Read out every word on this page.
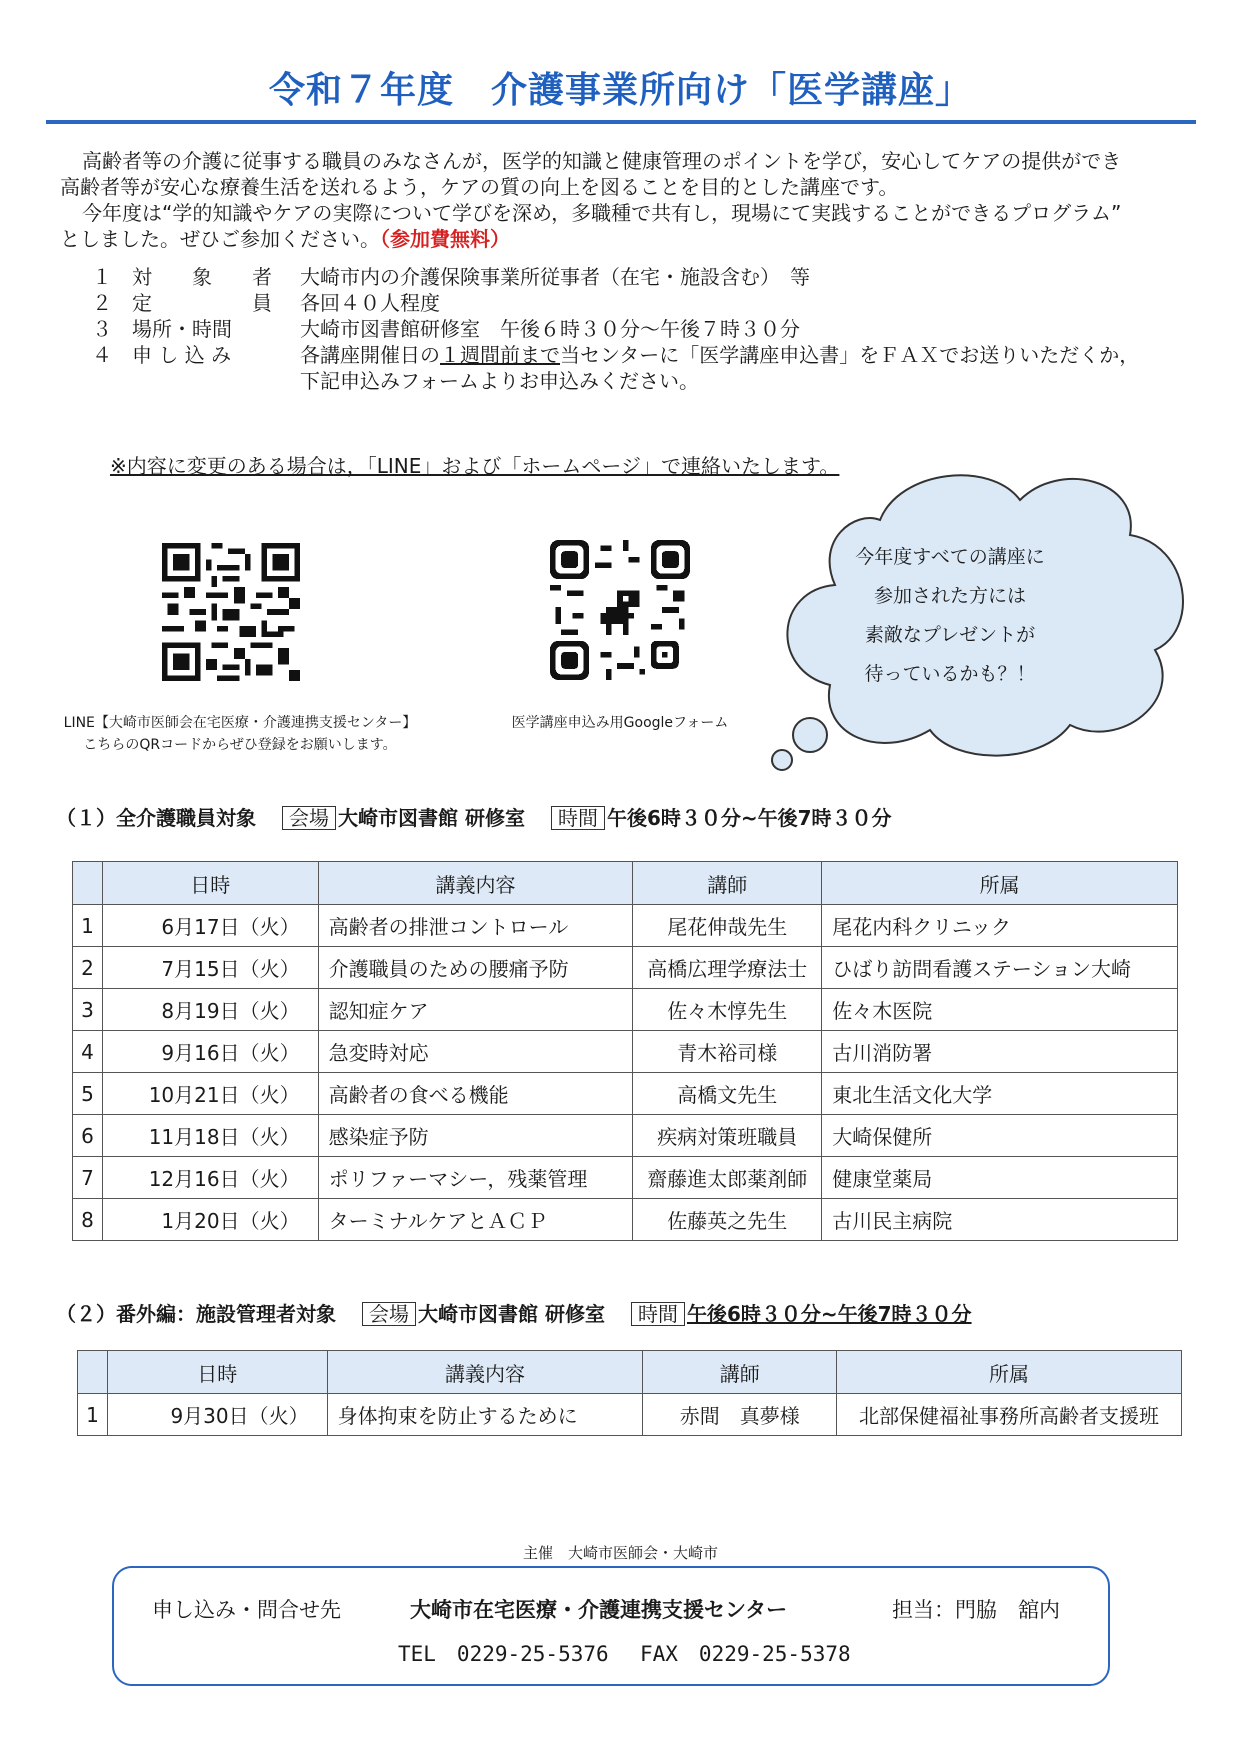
令和７年度　介護事業所向け「医学講座」

高齢者等の介護に従事する職員のみなさんが，医学的知識と健康管理のポイントを学び，安心してケアの提供ができ

高齢者等が安心な療養生活を送れるよう，ケアの質の向上を図ることを目的とした講座です。

今年度は“学的知識やケアの実際について学びを深め，多職種で共有し，現場にて実践することができるプログラム”

としました。ぜひご参加ください。（参加費無料）

１　対　　象　　者 大崎市内の介護保険事業所従事者（在宅・施設含む）　等
２　定　　　　　員 各回４０人程度
３　場所・時間	大崎市図書館研修室　午後６時３０分～午後７時３０分
４　申 し 込 み	各講座開催日の１週間前まで当センターに「医学講座申込書」をＦＡＸでお送りいただくか，
下記申込みフォームよりお申込みください。
※内容に変更のある場合は，「LINE」および「ホームページ」で連絡いたします。
LINE【大崎市医師会在宅医療・介護連携支援センター】
こちらのQRコードからぜひ登録をお願いします。
医学講座申込み用Googleフォーム
今年度すべての講座に
参加された方には
素敵なプレゼントが
待っているかも？！
（１）全介護職員対象 会場 大崎市図書館 研修室 時間 午後6時３０分~午後7時３０分
	日時	講義内容	講師	所属
1	6月17日（火）	高齢者の排泄コントロール	尾花伸哉先生	尾花内科クリニック
2	7月15日（火）	介護職員のための腰痛予防	高橋広理学療法士	ひばり訪問看護ステーション大崎
3	8月19日（火）	認知症ケア	佐々木惇先生	佐々木医院
4	9月16日（火）	急変時対応	青木裕司様	古川消防署
5	10月21日（火）	高齢者の食べる機能	高橋文先生	東北生活文化大学
6	11月18日（火）	感染症予防	疾病対策班職員	大崎保健所
7	12月16日（火）	ポリファーマシー，残薬管理	齋藤進太郎薬剤師	健康堂薬局
8	1月20日（火）	ターミナルケアとＡＣＰ	佐藤英之先生	古川民主病院
（２）番外編：施設管理者対象 会場 大崎市図書館 研修室 時間 午後6時３０分~午後7時３０分
	日時	講義内容	講師	所属
1	9月30日（火）	身体拘束を防止するために	赤間　真夢様	北部保健福祉事務所高齢者支援班
主催　大崎市医師会・大崎市
申し込み・問合せ先	大崎市在宅医療・介護連携支援センター	担当：門脇　舘内
TEL　0229-25-5376 FAX　0229-25-5378
